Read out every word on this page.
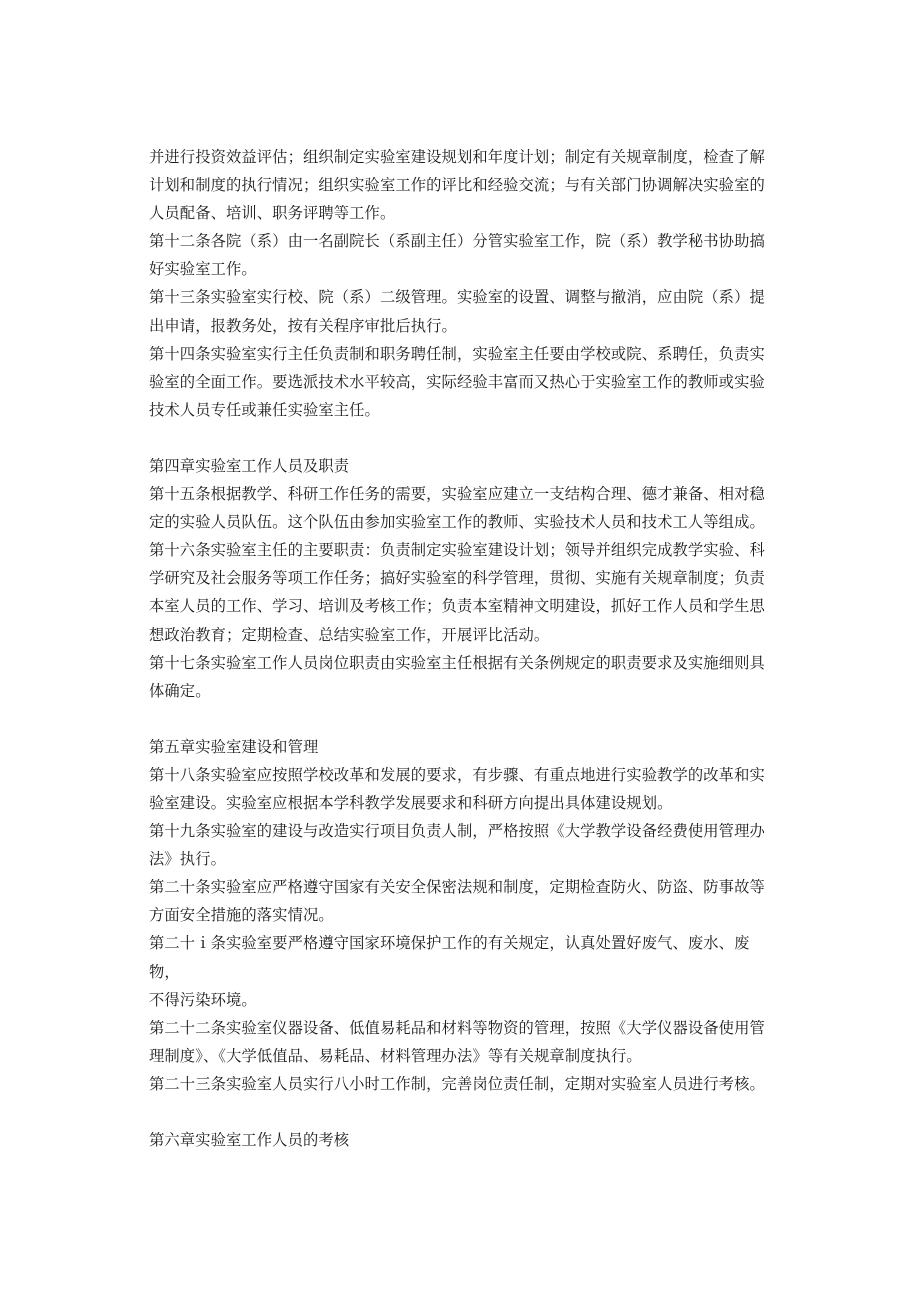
并进行投资效益评估；组织制定实验室建设规划和年度计划；制定有关规章制度，检查了解
计划和制度的执行情况；组织实验室工作的评比和经验交流；与有关部门协调解决实验室的
人员配备、培训、职务评聘等工作。

第十二条各院（系）由一名副院长（系副主任）分管实验室工作，院（系）教学秘书协助搞
好实验室工作。

第十三条实验室实行校、院（系）二级管理。实验室的设置、调整与撤消，应由院（系）提
出申请，报教务处，按有关程序审批后执行。

第十四条实验室实行主任负责制和职务聘任制，实验室主任要由学校或院、系聘任，负责实
验室的全面工作。要选派技术水平较高，实际经验丰富而又热心于实验室工作的教师或实验
技术人员专任或兼任实验室主任。

第四章实验室工作人员及职责

第十五条根据教学、科研工作任务的需要，实验室应建立一支结构合理、德才兼备、相对稳
定的实验人员队伍。这个队伍由参加实验室工作的教师、实验技术人员和技术工人等组成。

第十六条实验室主任的主要职责：负责制定实验室建设计划；领导并组织完成教学实验、科
学研究及社会服务等项工作任务；搞好实验室的科学管理，贯彻、实施有关规章制度；负责
本室人员的工作、学习、培训及考核工作；负责本室精神文明建设，抓好工作人员和学生思
想政治教育；定期检查、总结实验室工作，开展评比活动。

第十七条实验室工作人员岗位职责由实验室主任根据有关条例规定的职责要求及实施细则具
体确定。

第五章实验室建设和管理

第十八条实验室应按照学校改革和发展的要求，有步骤、有重点地进行实验教学的改革和实
验室建设。实验室应根据本学科教学发展要求和科研方向提出具体建设规划。

第十九条实验室的建设与改造实行项目负责人制，严格按照《大学教学设备经费使用管理办
法》执行。

第二十条实验室应严格遵守国家有关安全保密法规和制度，定期检查防火、防盗、防事故等
方面安全措施的落实情况。

第二十ｉ条实验室要严格遵守国家环境保护工作的有关规定，认真处置好废气、废水、废物，
不得污染环境。

第二十二条实验室仪器设备、低值易耗品和材料等物资的管理，按照《大学仪器设备使用管
理制度》、《大学低值品、易耗品、材料管理办法》等有关规章制度执行。

第二十三条实验室人员实行八小时工作制，完善岗位责任制，定期对实验室人员进行考核。

第六章实验室工作人员的考核
